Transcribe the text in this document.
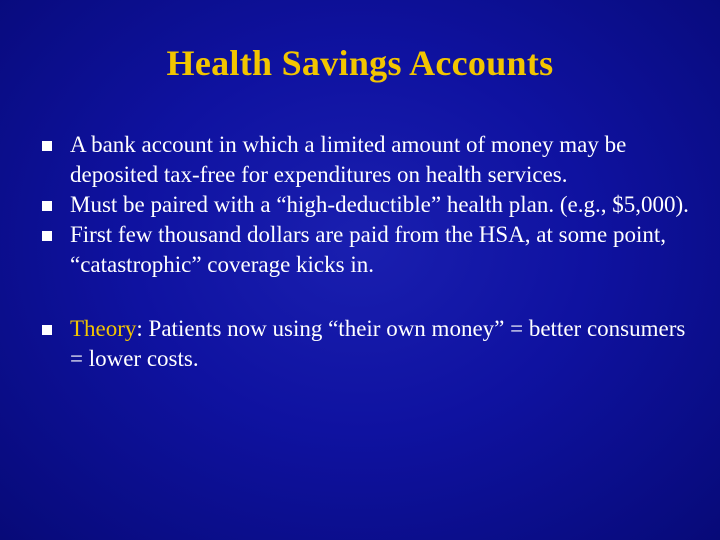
Health Savings Accounts
A bank account in which a limited amount of money may be deposited tax-free for expenditures on health services.
Must be paired with a “high-deductible” health plan. (e.g., $5,000).
First few thousand dollars are paid from the HSA, at some point, “catastrophic” coverage kicks in.
Theory: Patients now using “their own money” = better consumers = lower costs.
